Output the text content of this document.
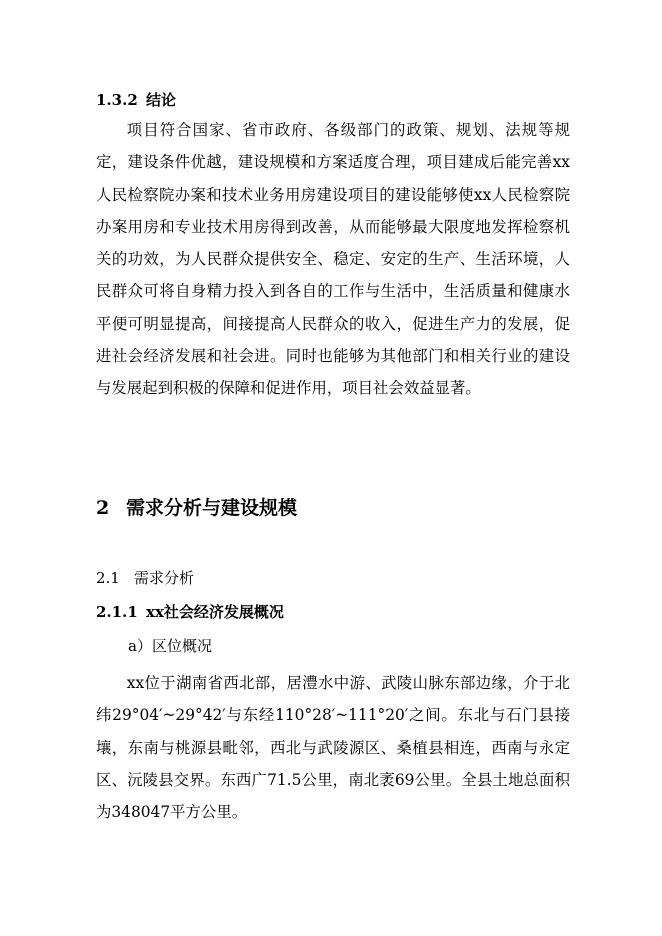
1.3.2 结论

项目符合国家、省市政府、各级部门的政策、规划、法规等规定，建设条件优越，建设规模和方案适度合理，项目建成后能完善xx人民检察院办案和技术业务用房建设项目的建设能够使xx人民检察院办案用房和专业技术用房得到改善，从而能够最大限度地发挥检察机关的功效，为人民群众提供安全、稳定、安定的生产、生活环境，人民群众可将自身精力投入到各自的工作与生活中，生活质量和健康水平便可明显提高，间接提高人民群众的收入，促进生产力的发展，促进社会经济发展和社会进。同时也能够为其他部门和相关行业的建设与发展起到积极的保障和促进作用，项目社会效益显著。

2 需求分析与建设规模
2.1 需求分析
2.1.1 xx社会经济发展概况
a）区位概况

xx位于湖南省西北部，居澧水中游、武陵山脉东部边缘，介于北纬29°04′~29°42′与东经110°28′~111°20′之间。东北与石门县接壤，东南与桃源县毗邻，西北与武陵源区、桑植县相连，西南与永定区、沅陵县交界。东西广71.5公里，南北袤69公里。全县土地总面积为348047平方公里。
